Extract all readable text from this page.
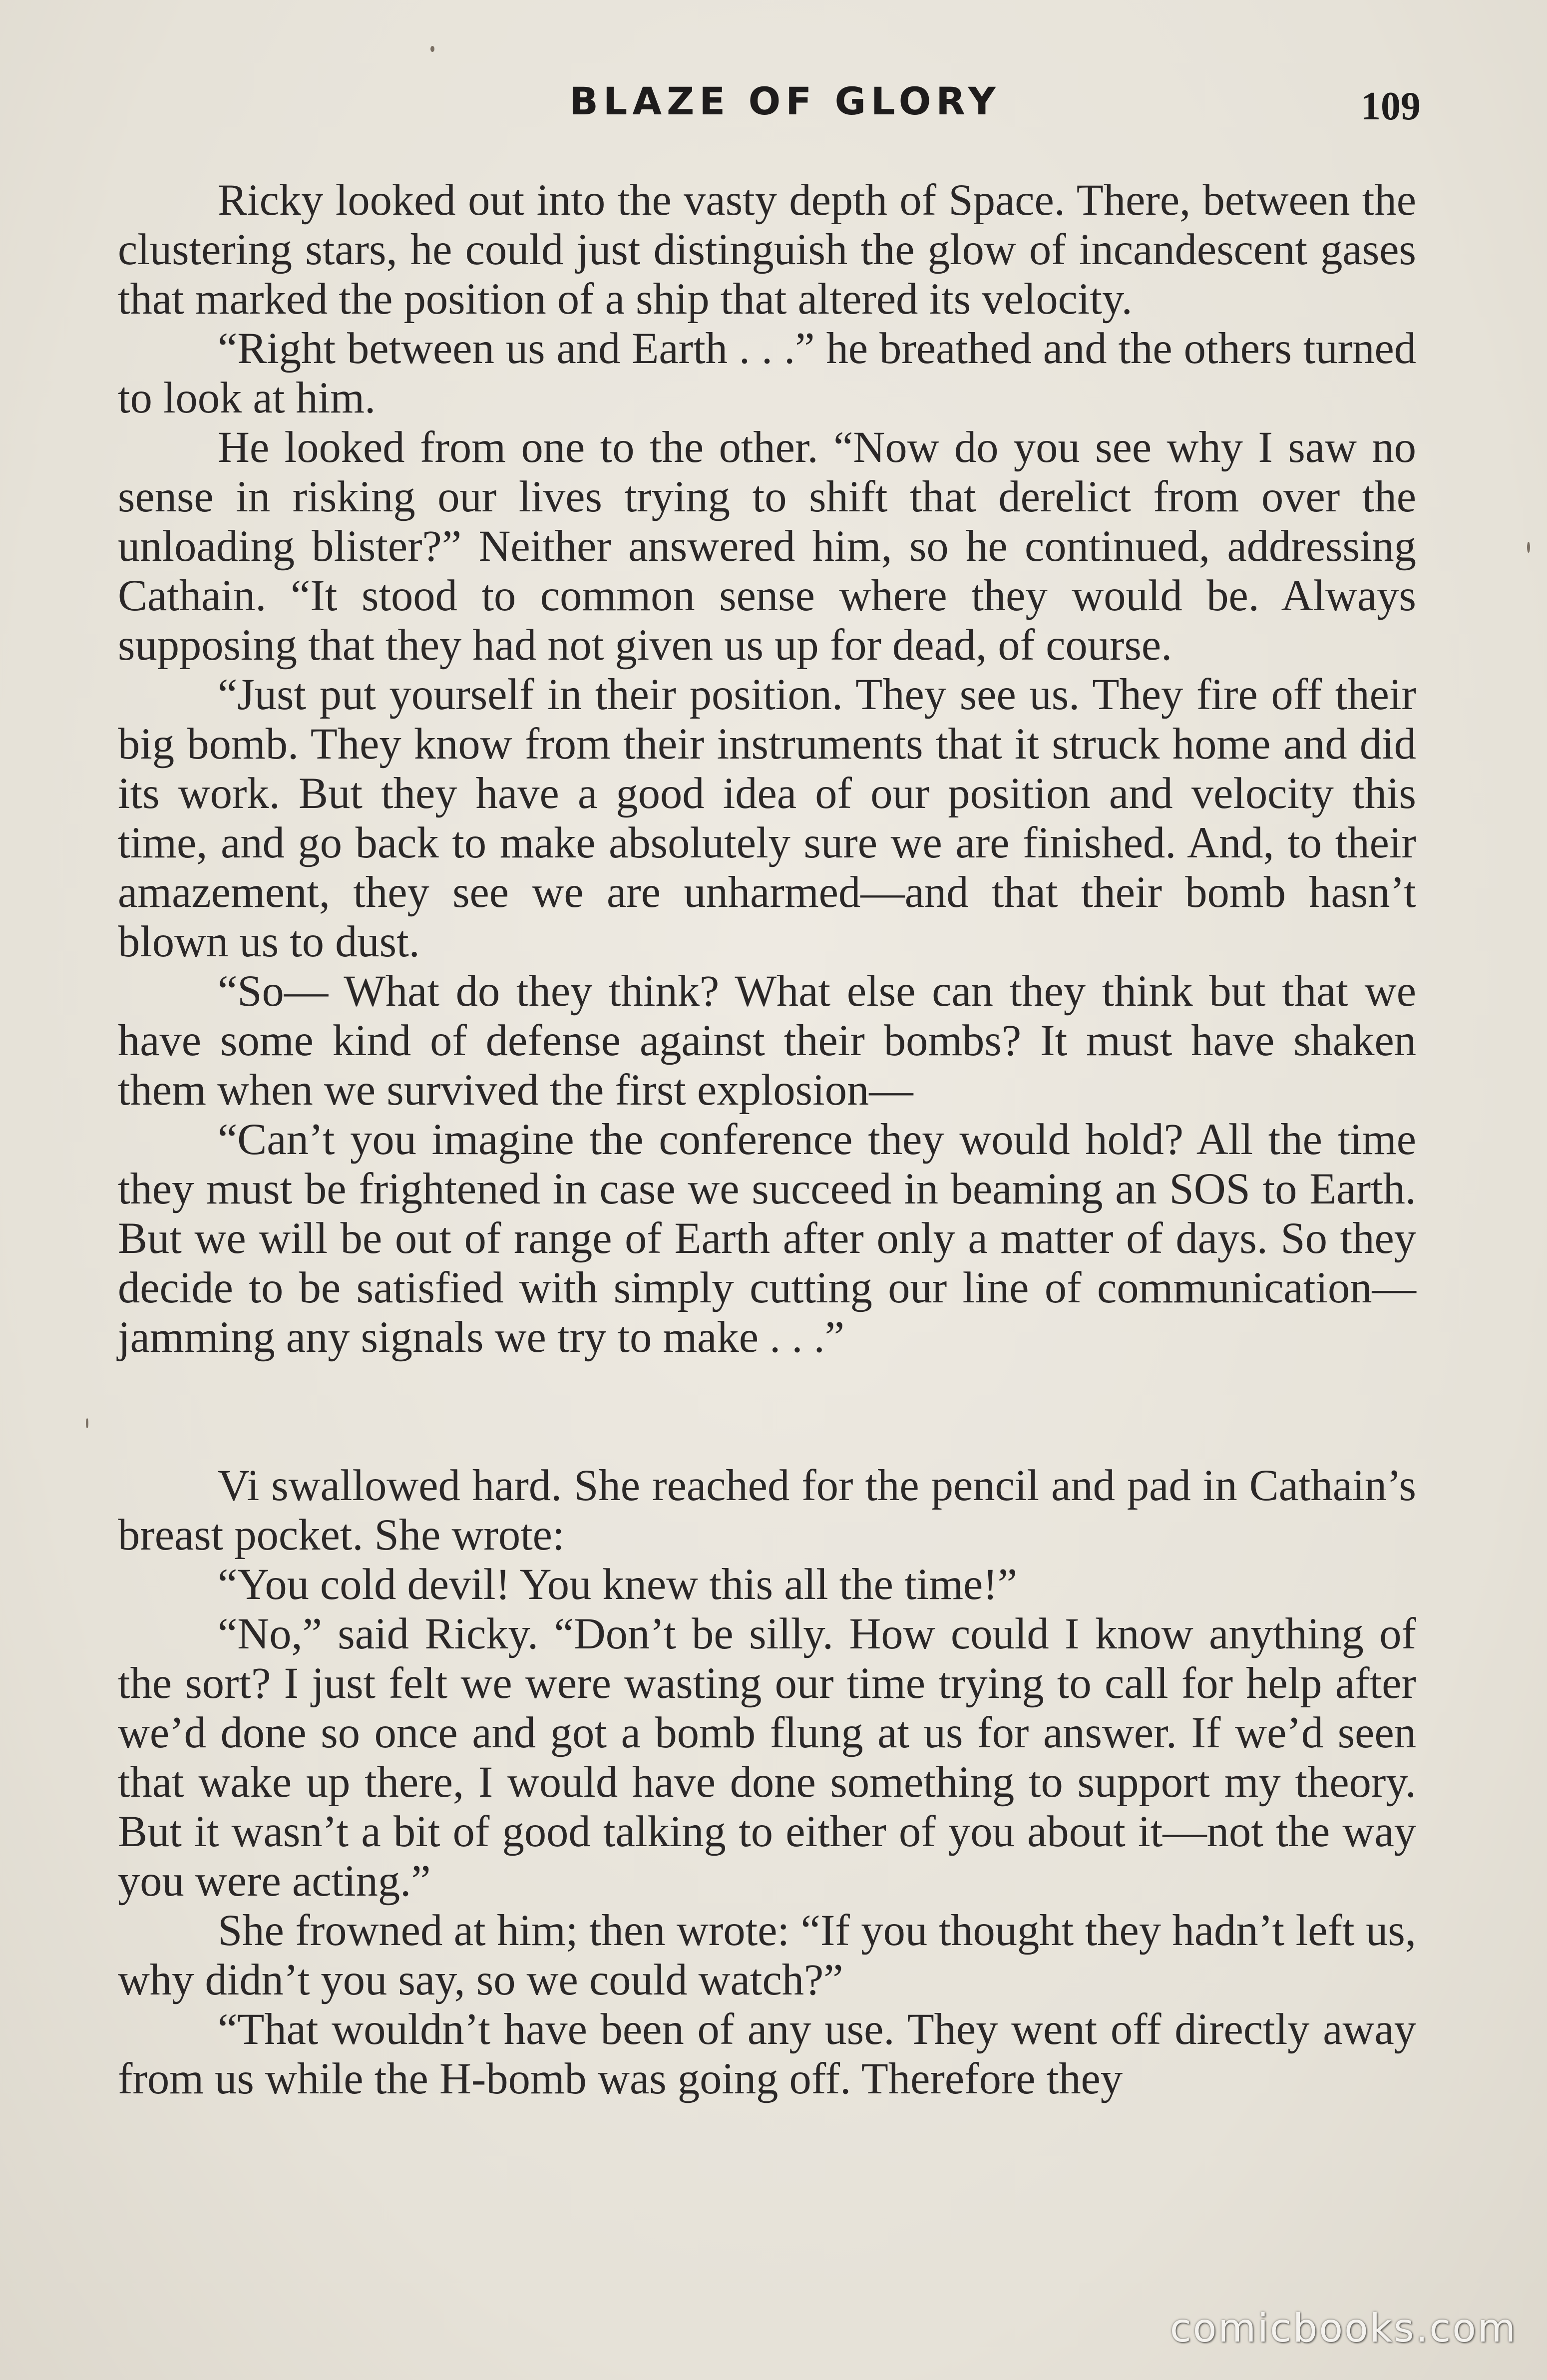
BLAZE OF GLORY	109

Ricky looked out into the vasty depth of Space. There, between the clustering stars, he could just distinguish the glow of incandescent gases that marked the position of a ship that altered its velocity.

“Right between us and Earth . . .” he breathed and the others turned to look at him.

He looked from one to the other. “Now do you see why I saw no sense in risking our lives trying to shift that derelict from over the unloading blister?” Neither answered him, so he continued, addressing Cathain. “It stood to common sense where they would be. Always supposing that they had not given us up for dead, of course.

“Just put yourself in their position. They see us. They fire off their big bomb. They know from their instruments that it struck home and did its work. But they have a good idea of our position and velocity this time, and go back to make absolutely sure we are finished. And, to their amazement, they see we are unharmed—and that their bomb hasn’t blown us to dust.

“So— What do they think? What else can they think but that we have some kind of defense against their bombs? It must have shaken them when we survived the first explosion—

“Can’t you imagine the conference they would hold? All the time they must be frightened in case we succeed in beaming an SOS to Earth. But we will be out of range of Earth after only a matter of days. So they decide to be satisfied with simply cutting our line of communication—jamming any signals we try to make . . .”

Vi swallowed hard. She reached for the pencil and pad in Cathain’s breast pocket. She wrote:

“You cold devil! You knew this all the time!”

“No,” said Ricky. “Don’t be silly. How could I know anything of the sort? I just felt we were wasting our time trying to call for help after we’d done so once and got a bomb flung at us for answer. If we’d seen that wake up there, I would have done something to support my theory. But it wasn’t a bit of good talking to either of you about it—not the way you were acting.”

She frowned at him; then wrote: “If you thought they hadn’t left us, why didn’t you say, so we could watch?”

“That wouldn’t have been of any use. They went off directly away from us while the H-bomb was going off. Therefore they

comicbooks.com
